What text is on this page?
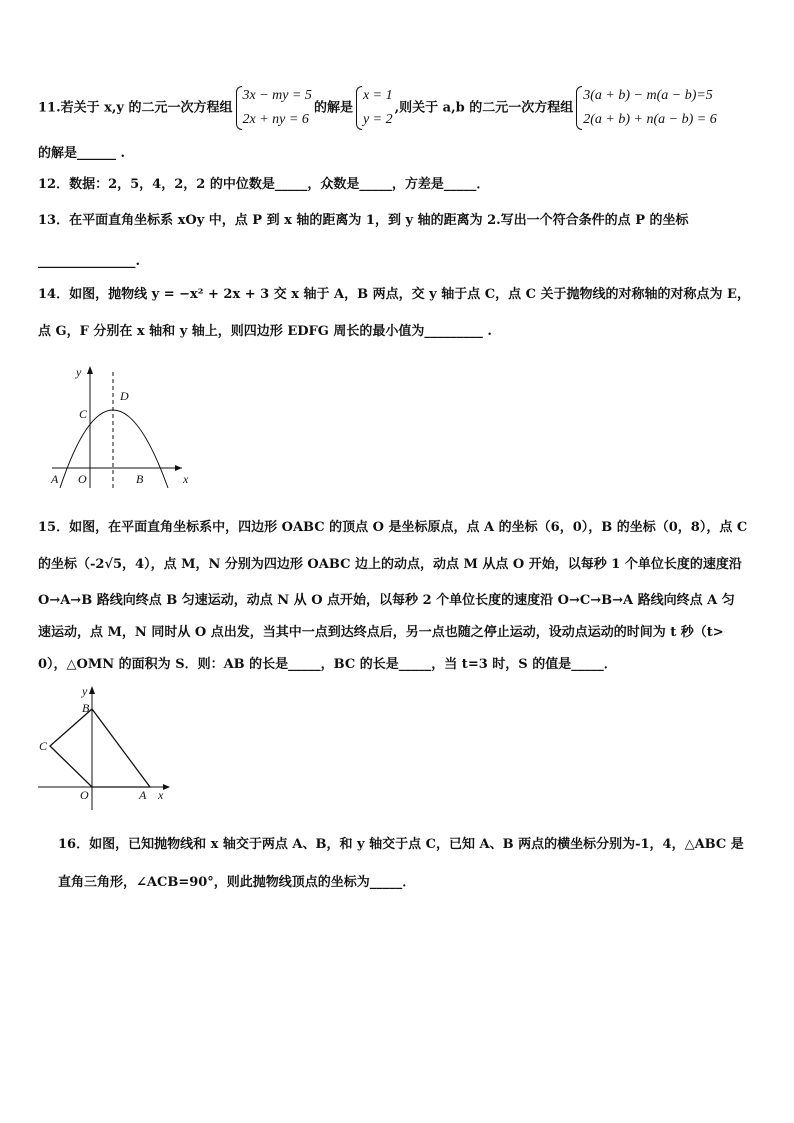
11.若关于 x,y 的二元一次方程组
3x − my = 5
2x + ny = 6
的解是
x = 1
y = 2
,则关于 a,b 的二元一次方程组
3(a + b) − m(a − b)=5
2(a + b) + n(a − b) = 6
的解是______ .
12．数据：2，5，4，2，2 的中位数是_____，众数是_____，方差是_____．
13．在平面直角坐标系 xOy 中，点 P 到 x 轴的距离为 1，到 y 轴的距离为 2.写出一个符合条件的点 P 的坐标
_______________.
14．如图，抛物线 y = −x² + 2x + 3 交 x 轴于 A，B 两点，交 y 轴于点 C，点 C 关于抛物线的对称轴的对称点为 E，
点 G，F 分别在 x 轴和 y 轴上，则四边形 EDFG 周长的最小值为_________ .
y
D
C
A O	B	x
15．如图，在平面直角坐标系中，四边形 OABC 的顶点 O 是坐标原点，点 A 的坐标（6，0），B 的坐标（0，8），点 C
的坐标（-2√5，4），点 M，N 分别为四边形 OABC 边上的动点，动点 M 从点 O 开始，以每秒 1 个单位长度的速度沿
O→A→B 路线向终点 B 匀速运动，动点 N 从 O 点开始，以每秒 2 个单位长度的速度沿 O→C→B→A 路线向终点 A 匀
速运动，点 M，N 同时从 O 点出发，当其中一点到达终点后，另一点也随之停止运动，设动点运动的时间为 t 秒（t>
0），△OMN 的面积为 S．则：AB 的长是_____，BC 的长是_____，当 t=3 时，S 的值是_____．
y
B
C
O	A x
16．如图，已知抛物线和 x 轴交于两点 A、B，和 y 轴交于点 C，已知 A、B 两点的横坐标分别为-1，4，△ABC 是
直角三角形，∠ACB=90°，则此抛物线顶点的坐标为_____．
